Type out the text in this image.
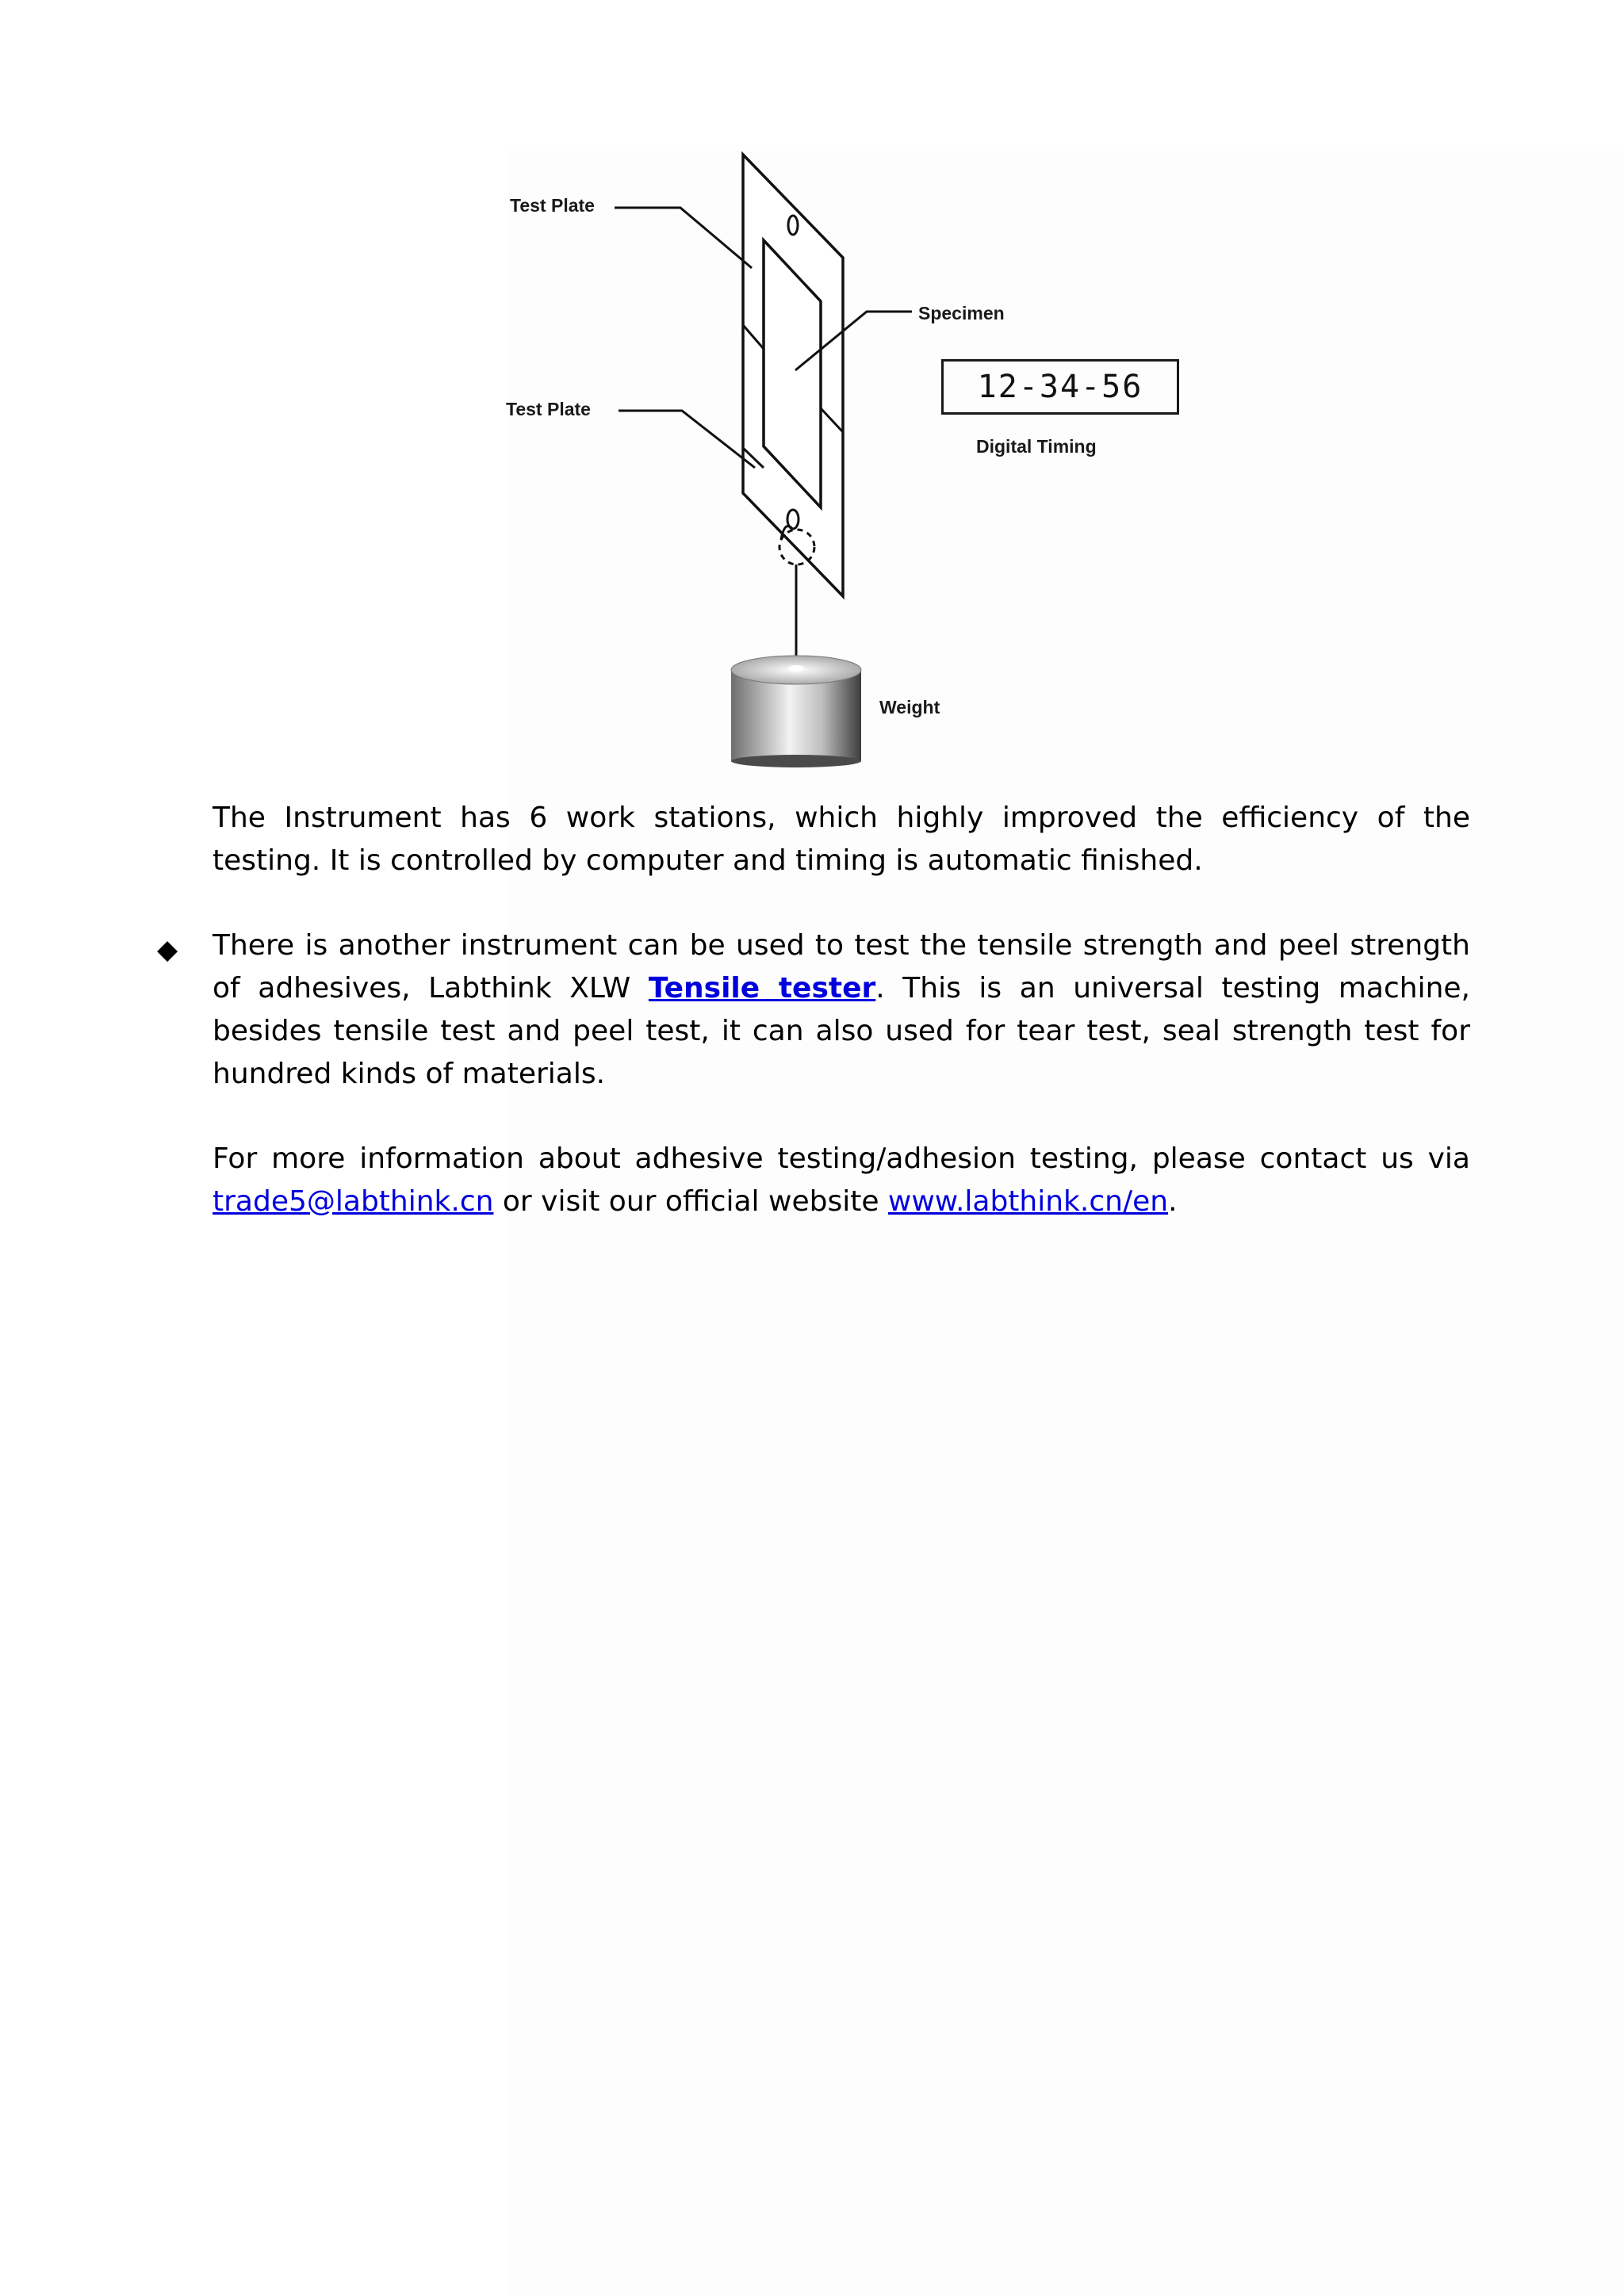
Test Plate
Test Plate
Specimen
12-34-56
Digital Timing
Weight

The Instrument has 6 work stations, which highly improved the efficiency of the testing. It is controlled by computer and timing is automatic finished.

◆ There is another instrument can be used to test the tensile strength and peel strength of adhesives, Labthink XLW Tensile tester. This is an universal testing machine, besides tensile test and peel test, it can also used for tear test, seal strength test for hundred kinds of materials.

For more information about adhesive testing/adhesion testing, please contact us via trade5@labthink.cn or visit our official website www.labthink.cn/en.
